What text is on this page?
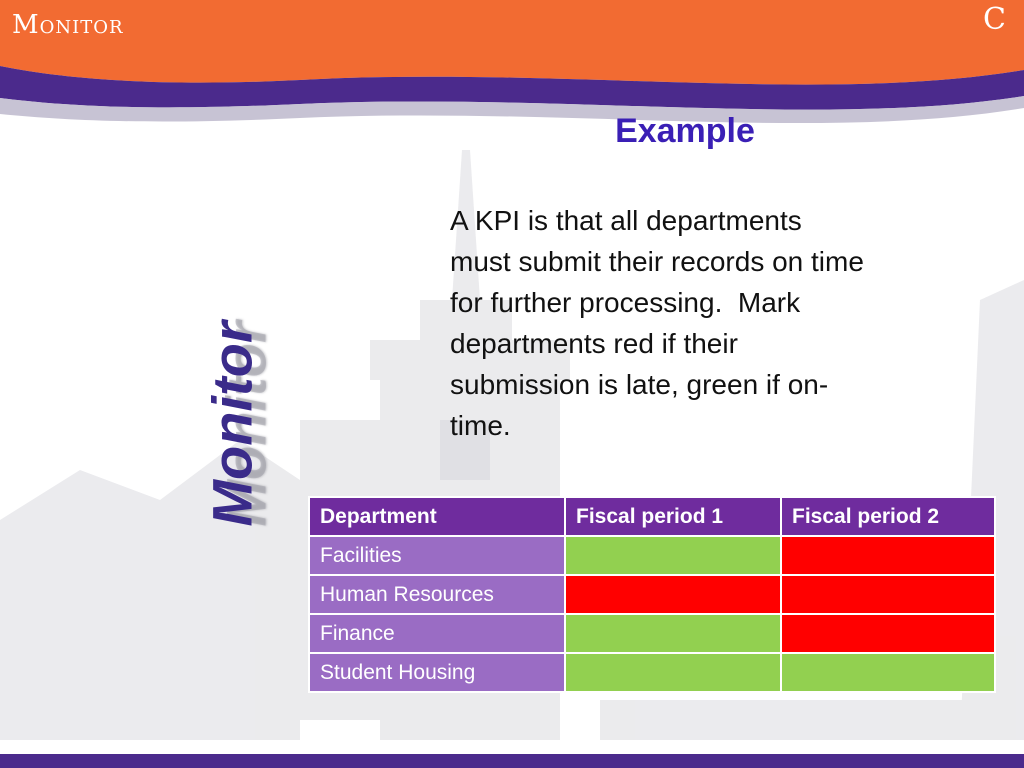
Monitor	C
Monitor
Example
A KPI is that all departments
must submit their records on time
for further processing.  Mark
departments red if their
submission is late, green if on-
time.
Department	Fiscal period 1	Fiscal period 2
Facilities		
Human Resources		
Finance		
Student Housing		
